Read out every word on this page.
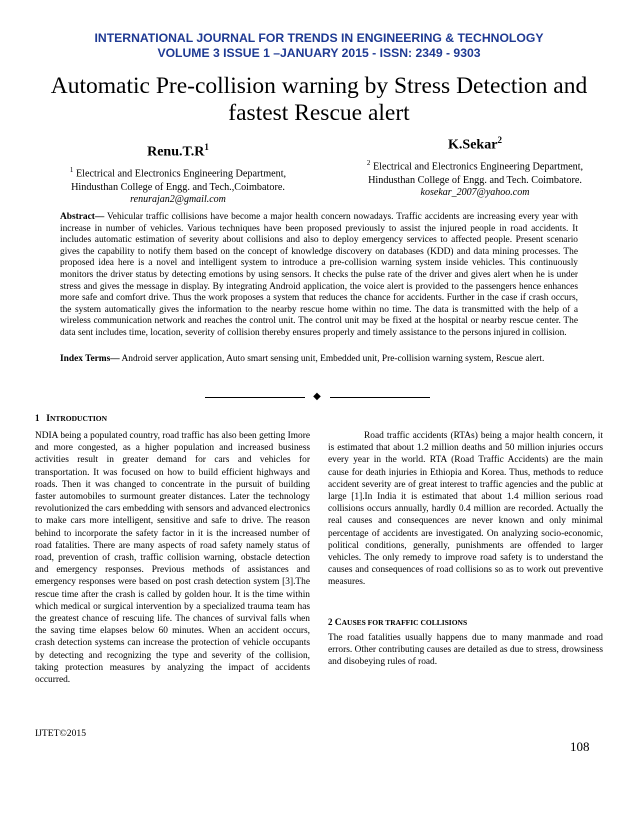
INTERNATIONAL JOURNAL FOR TRENDS IN ENGINEERING & TECHNOLOGY
VOLUME 3 ISSUE 1 –JANUARY 2015 - ISSN: 2349 - 9303
Automatic Pre-collision warning by Stress Detection and fastest Rescue alert
$Renu.T.R^1$
$^1$ Electrical and Electronics Engineering Department,
Hindusthan College of Engg. and Tech.,Coimbatore.
renurajan2@gmail.com
K.Sekar$^2$
$^2$ Electrical and Electronics Engineering Department,
Hindusthan College of Engg. and Tech. Coimbatore.
kosekar_2007@yahoo.com
Abstract— Vehicular traffic collisions have become a major health concern nowadays. Traffic accidents are increasing every year with increase in number of vehicles. Various techniques have been proposed previously to assist the injured people in road accidents. It includes automatic estimation of severity about collisions and also to deploy emergency services to affected people. Present scenario gives the capability to notify them based on the concept of knowledge discovery on databases (KDD) and data mining processes. The proposed idea here is a novel and intelligent system to introduce a pre-collision warning system inside vehicles. This continuously monitors the driver status by detecting emotions by using sensors. It checks the pulse rate of the driver and gives alert when he is under stress and gives the message in display. By integrating Android application, the voice alert is provided to the passengers hence enhances more safe and comfort drive. Thus the work proposes a system that reduces the chance for accidents. Further in the case if crash occurs, the system automatically gives the information to the nearby rescue home within no time. The data is transmitted with the help of a wireless communication network and reaches the control unit. The control unit may be fixed at the hospital or nearby rescue center. The data sent includes time, location, severity of collision thereby ensures properly and timely assistance to the persons injured in collision.
Index Terms— Android server application, Auto smart sensing unit, Embedded unit, Pre-collision warning system, Rescue alert.
◆
1 INTRODUCTION
NDIA being a populated country, road traffic has also been getting Imore and more congested, as a higher population and increased business activities result in greater demand for cars and vehicles for transportation. It was focused on how to build efficient highways and roads. Then it was changed to concentrate in the pursuit of building faster automobiles to surmount greater distances. Later the technology revolutionized the cars embedding with sensors and advanced electronics to make cars more intelligent, sensitive and safe to drive. The reason behind to incorporate the safety factor in it is the increased number of road fatalities. There are many aspects of road safety namely status of road, prevention of crash, traffic collision warning, obstacle detection and emergency responses. Previous methods of assistances and emergency responses were based on post crash detection system [3].The rescue time after the crash is called by golden hour. It is the time within which medical or surgical intervention by a specialized trauma team has the greatest chance of rescuing life. The chances of survival falls when the saving time elapses below 60 minutes. When an accident occurs, crash detection systems can increase the protection of vehicle occupants by detecting and recognizing the type and severity of the collision, taking protection measures by analyzing the impact of accidents occurred.
Road traffic accidents (RTAs) being a major health concern, it is estimated that about 1.2 million deaths and 50 million injuries occurs every year in the world. RTA (Road Traffic Accidents) are the main cause for death injuries in Ethiopia and Korea. Thus, methods to reduce accident severity are of great interest to traffic agencies and the public at large [1].In India it is estimated that about 1.4 million serious road collisions occurs annually, hardly 0.4 million are recorded. Actually the real causes and consequences are never known and only minimal percentage of accidents are investigated. On analyzing socio-economic, political conditions, generally, punishments are offended to larger vehicles. The only remedy to improve road safety is to understand the causes and consequences of road collisions so as to work out preventive measures.
2 CAUSES FOR TRAFFIC COLLISIONS
The road fatalities usually happens due to many manmade and road errors. Other contributing causes are detailed as due to stress, drowsiness and disobeying rules of road.
IJTET©2015
108
